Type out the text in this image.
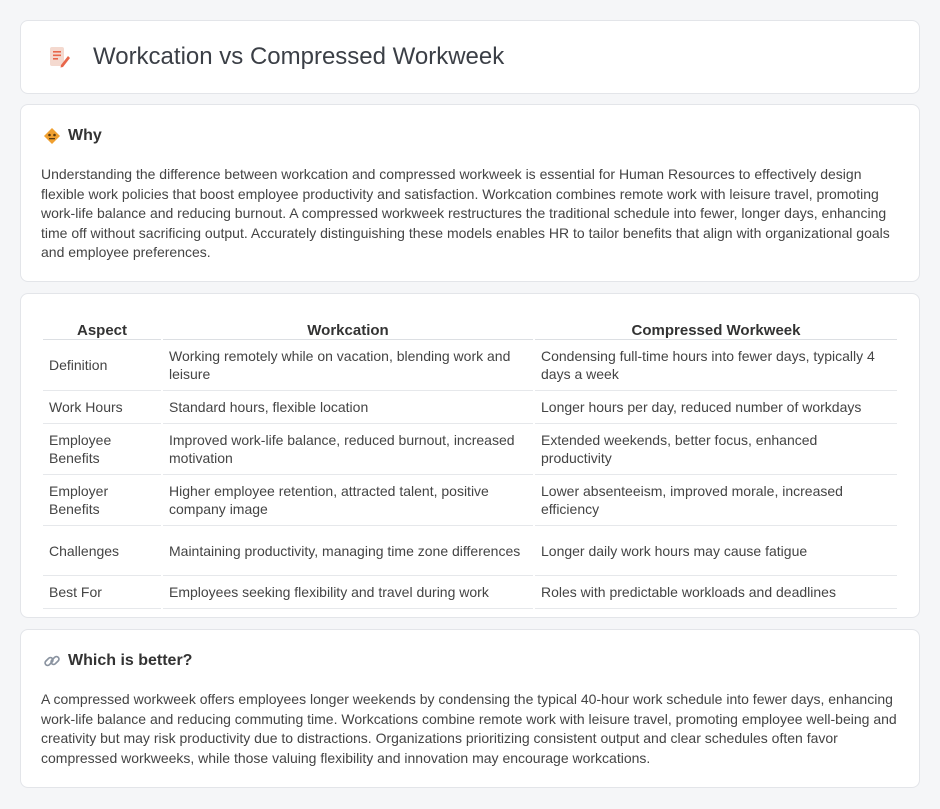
Workcation vs Compressed Workweek
Why

Understanding the difference between workcation and compressed workweek is essential for Human Resources to effectively design flexible work policies that boost employee productivity and satisfaction. Workcation combines remote work with leisure travel, promoting work-life balance and reducing burnout. A compressed workweek restructures the traditional schedule into fewer, longer days, enhancing time off without sacrificing output. Accurately distinguishing these models enables HR to tailor benefits that align with organizational goals and employee preferences.

Aspect	Workcation	Compressed Workweek
Definition	Working remotely while on vacation, blending work and leisure	Condensing full-time hours into fewer days, typically 4 days a week
Work Hours	Standard hours, flexible location	Longer hours per day, reduced number of workdays
Employee Benefits	Improved work-life balance, reduced burnout, increased motivation	Extended weekends, better focus, enhanced productivity
Employer Benefits	Higher employee retention, attracted talent, positive company image	Lower absenteeism, improved morale, increased efficiency
Challenges	Maintaining productivity, managing time zone differences	Longer daily work hours may cause fatigue
Best For	Employees seeking flexibility and travel during work	Roles with predictable workloads and deadlines
Which is better?

A compressed workweek offers employees longer weekends by condensing the typical 40-hour work schedule into fewer days, enhancing work-life balance and reducing commuting time. Workcations combine remote work with leisure travel, promoting employee well-being and creativity but may risk productivity due to distractions. Organizations prioritizing consistent output and clear schedules often favor compressed workweeks, while those valuing flexibility and innovation may encourage workcations.
